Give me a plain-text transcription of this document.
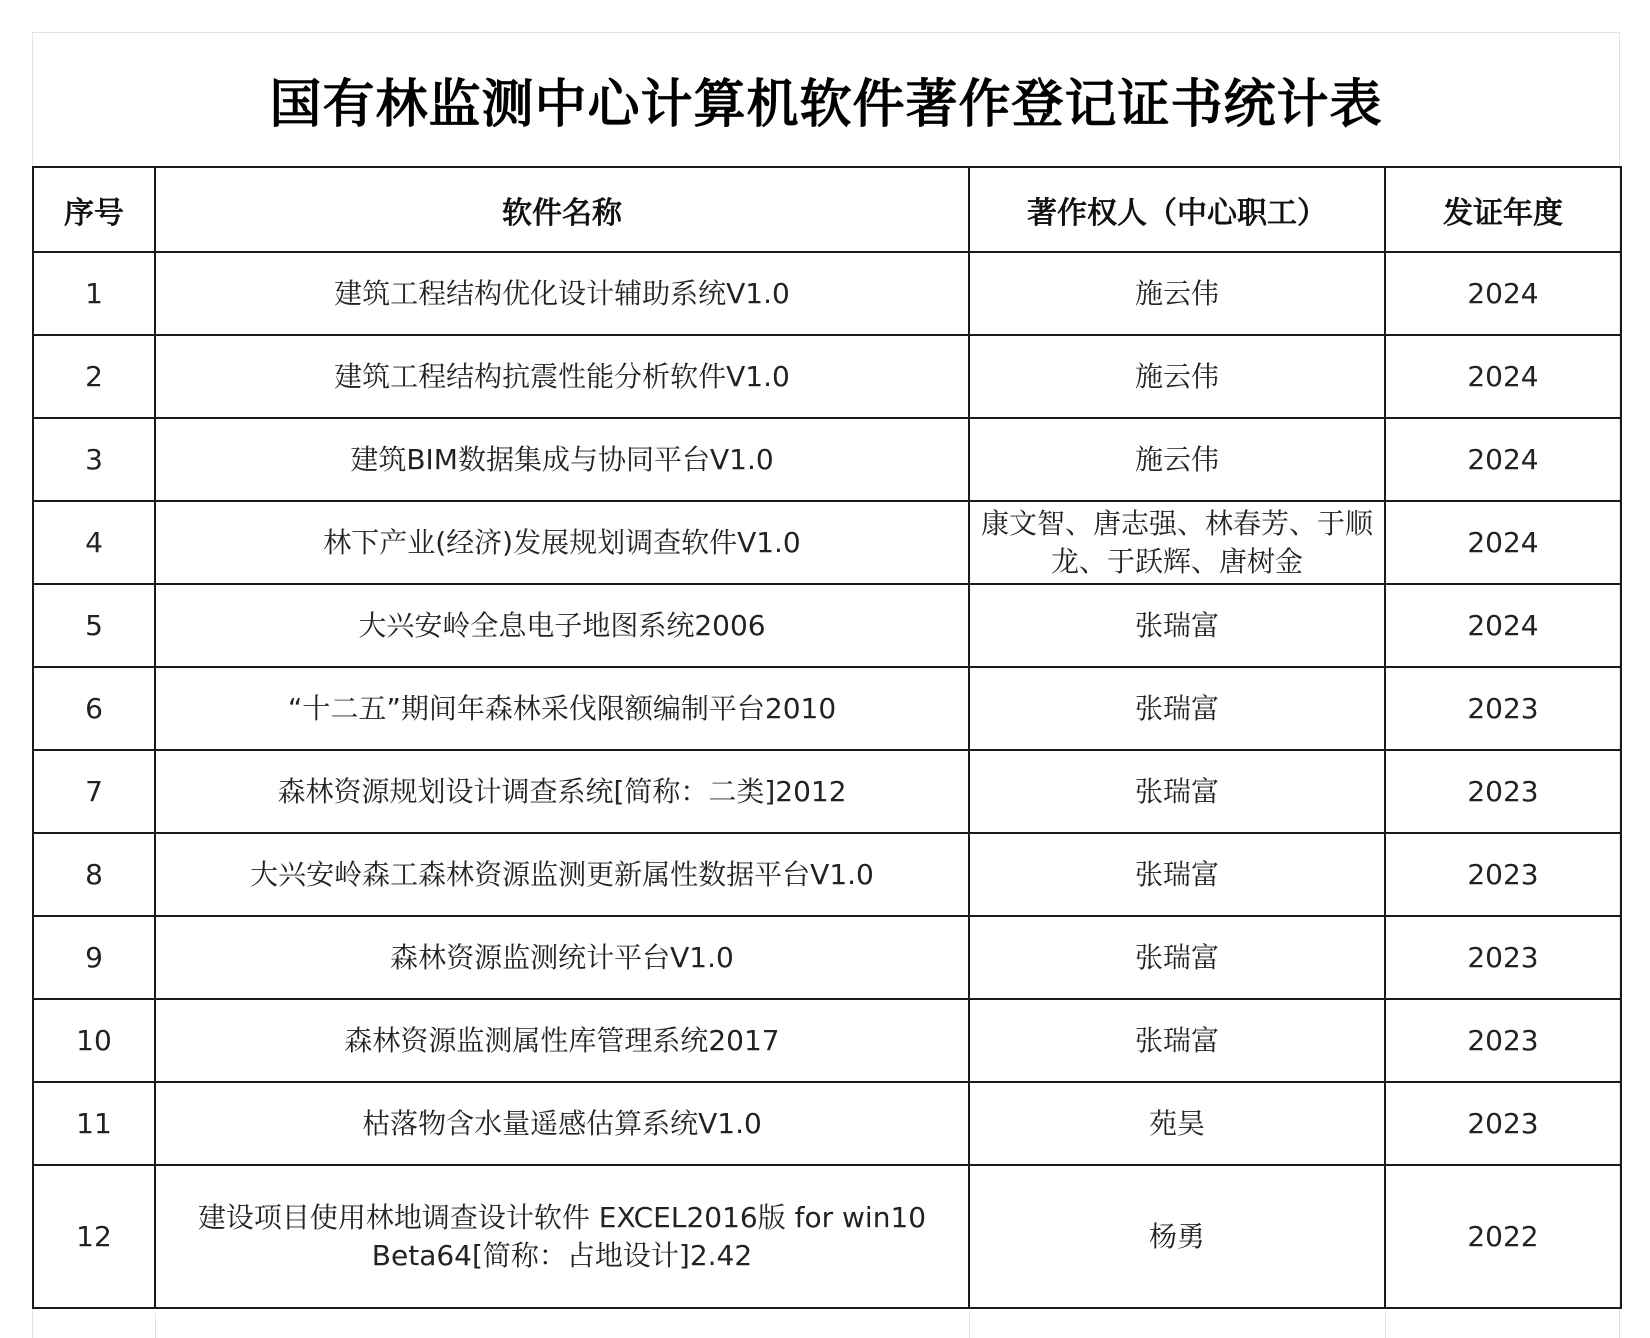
国有林监测中心计算机软件著作登记证书统计表
序号	软件名称	著作权人（中心职工）	发证年度
1	建筑工程结构优化设计辅助系统V1.0	施云伟	2024
2	建筑工程结构抗震性能分析软件V1.0	施云伟	2024
3	建筑BIM数据集成与协同平台V1.0	施云伟	2024
4	林下产业(经济)发展规划调查软件V1.0	康文智、唐志强、林春芳、于顺龙、于跃辉、唐树金	2024
5	大兴安岭全息电子地图系统2006	张瑞富	2024
6	“十二五”期间年森林采伐限额编制平台2010	张瑞富	2023
7	森林资源规划设计调查系统[简称：二类]2012	张瑞富	2023
8	大兴安岭森工森林资源监测更新属性数据平台V1.0	张瑞富	2023
9	森林资源监测统计平台V1.0	张瑞富	2023
10	森林资源监测属性库管理系统2017	张瑞富	2023
11	枯落物含水量遥感估算系统V1.0	苑昊	2023
12	建设项目使用林地调查设计软件 EXCEL2016版 for win10 Beta64[简称：占地设计]2.42	杨勇	2022
